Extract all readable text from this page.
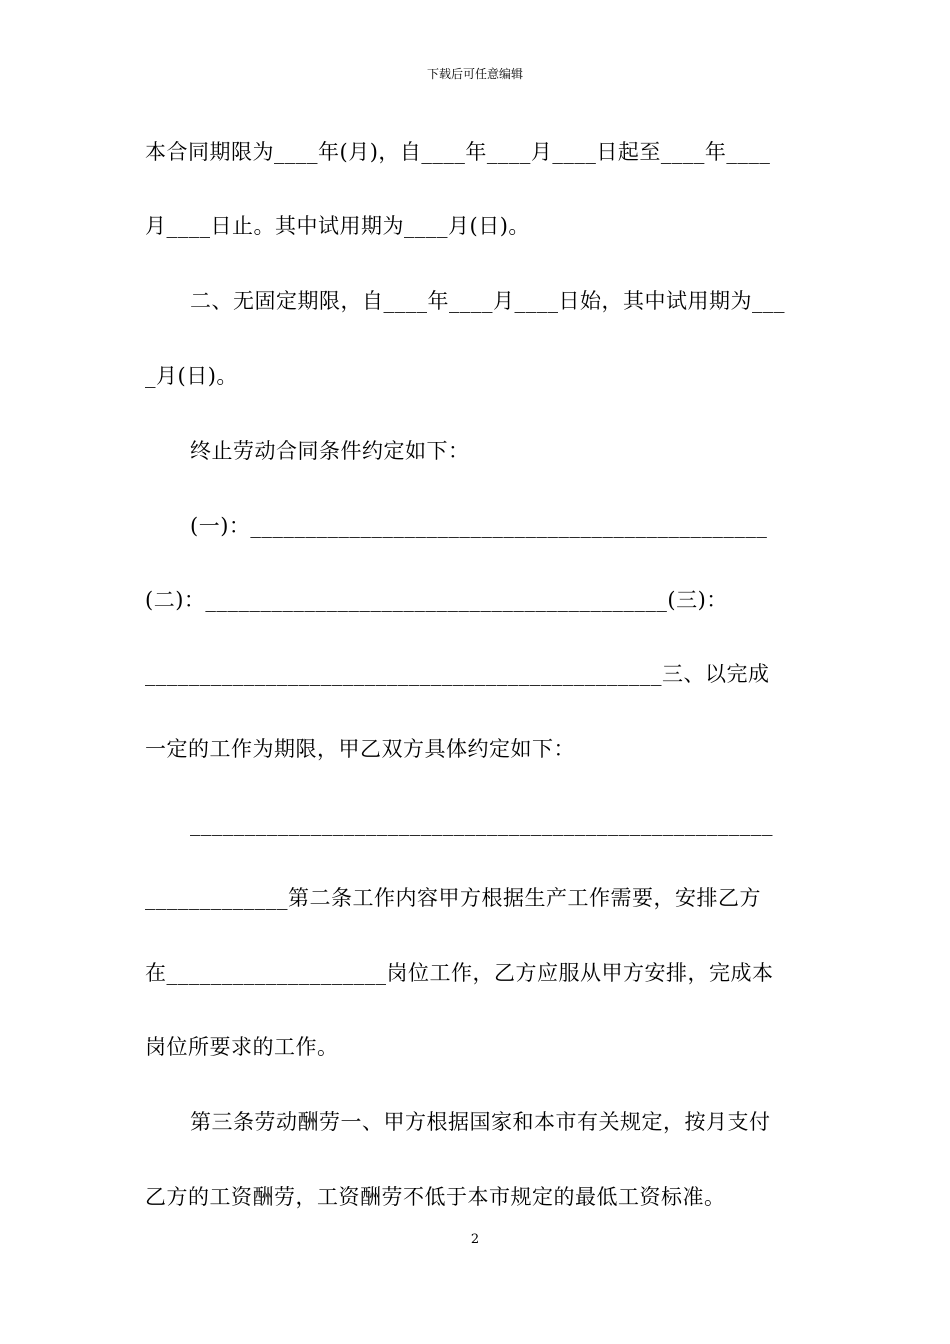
下载后可任意编辑
本合同期限为____年(月)，自____年____月____日起至____年____
月____日止。其中试用期为____月(日)。
二、无固定期限，自____年____月____日始，其中试用期为___
_月(日)。
终止劳动合同条件约定如下：
(一)：_______________________________________________
(二)：__________________________________________(三)：
_______________________________________________三、以完成
一定的工作为期限，甲乙双方具体约定如下：
_____________________________________________________
_____________第二条工作内容甲方根据生产工作需要，安排乙方
在____________________岗位工作，乙方应服从甲方安排，完成本
岗位所要求的工作。
第三条劳动酬劳一、甲方根据国家和本市有关规定，按月支付
乙方的工资酬劳，工资酬劳不低于本市规定的最低工资标准。
2
